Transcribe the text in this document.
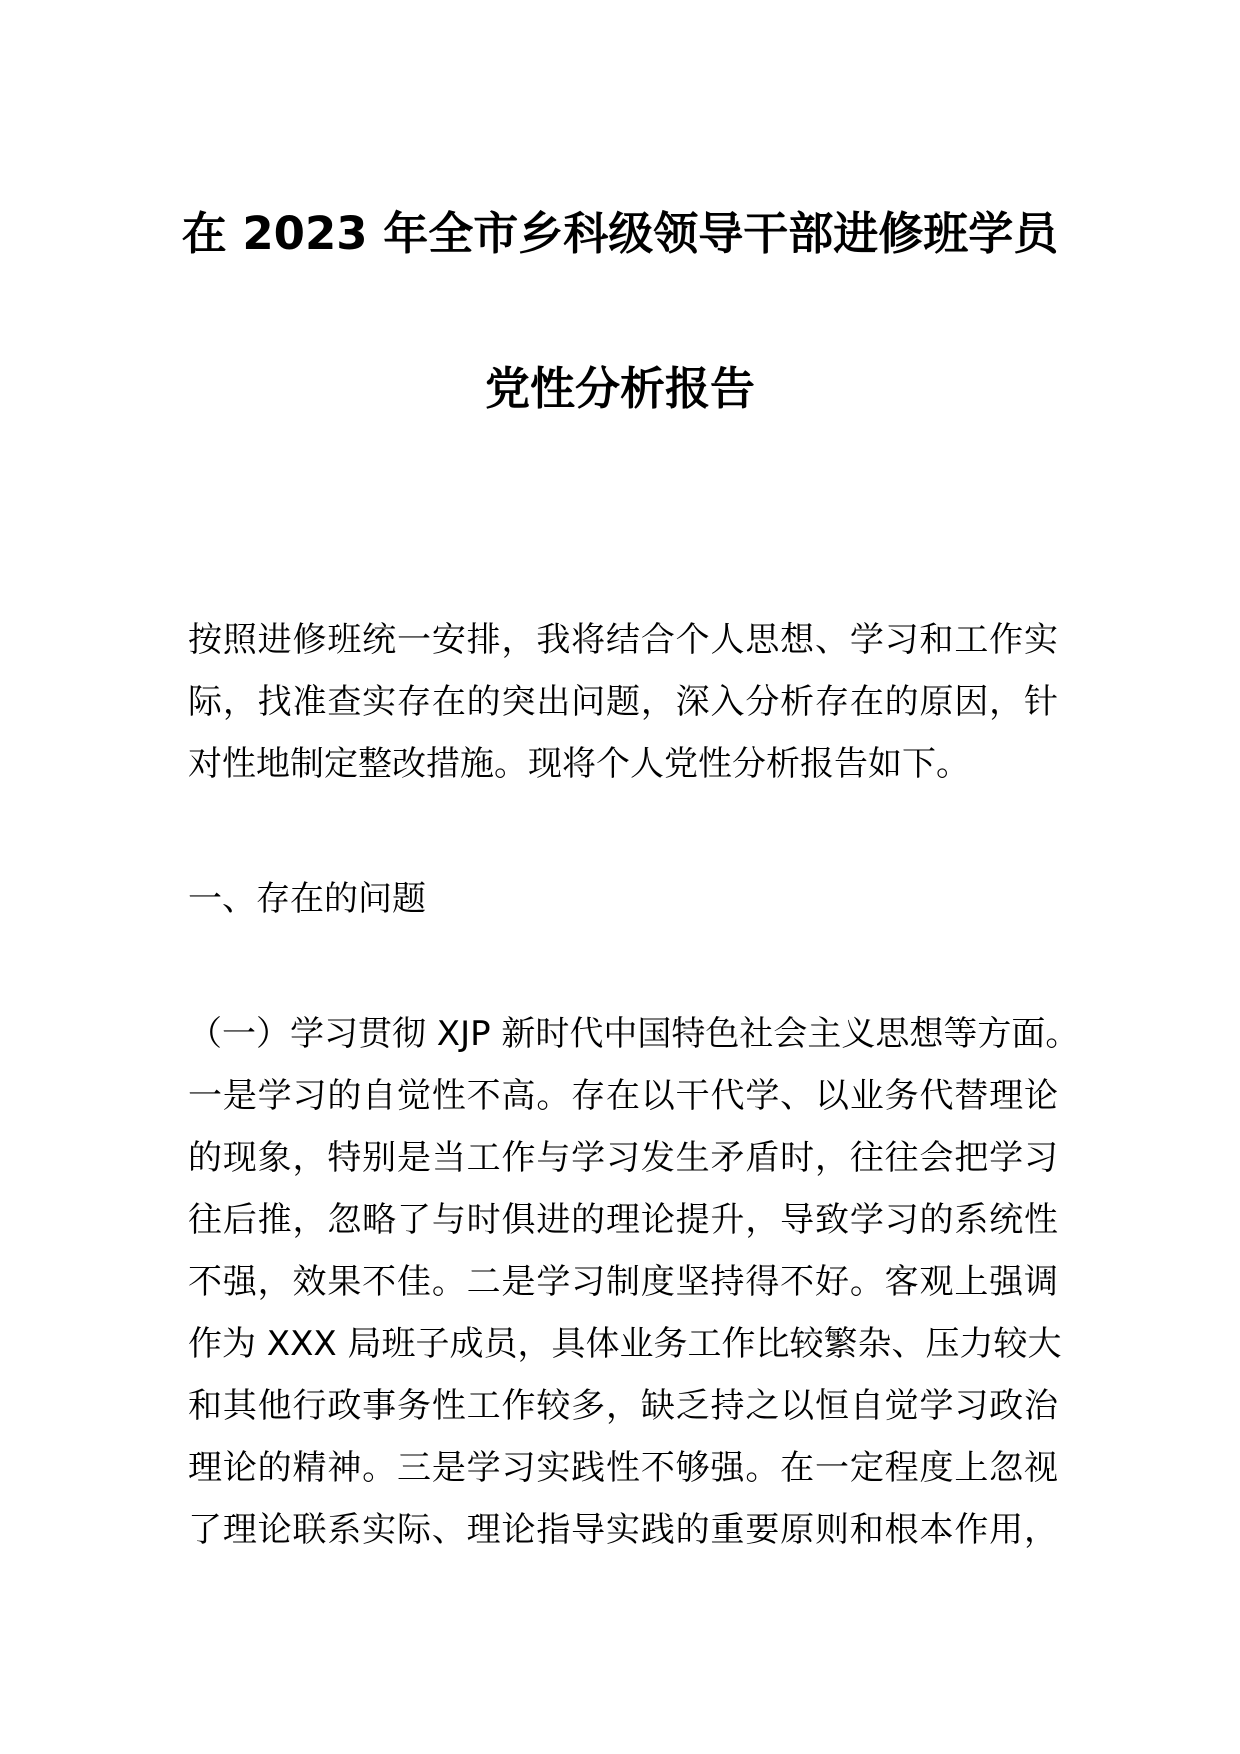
在 2023 年全市乡科级领导干部进修班学员
党性分析报告
按照进修班统一安排，我将结合个人思想、学习和工作实
际，找准查实存在的突出问题，深入分析存在的原因，针
对性地制定整改措施。现将个人党性分析报告如下。
一、存在的问题
（一）学习贯彻 XJP 新时代中国特色社会主义思想等方面。
一是学习的自觉性不高。存在以干代学、以业务代替理论
的现象，特别是当工作与学习发生矛盾时，往往会把学习
往后推，忽略了与时俱进的理论提升，导致学习的系统性
不强，效果不佳。二是学习制度坚持得不好。客观上强调
作为 XXX 局班子成员，具体业务工作比较繁杂、压力较大
和其他行政事务性工作较多，缺乏持之以恒自觉学习政治
理论的精神。三是学习实践性不够强。在一定程度上忽视
了理论联系实际、理论指导实践的重要原则和根本作用，
